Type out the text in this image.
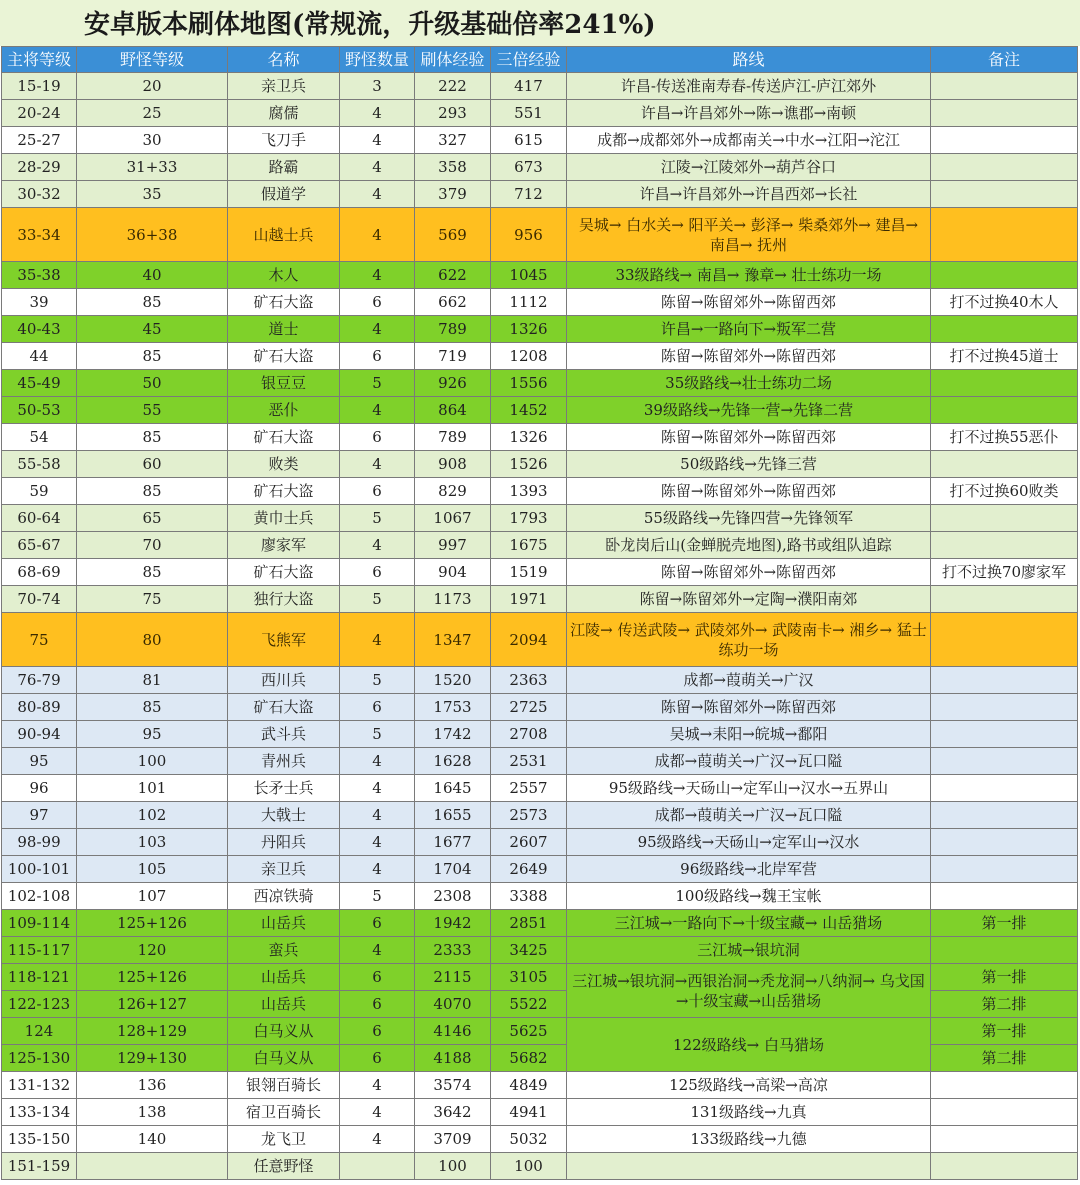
安卓版本刷体地图(常规流，升级基础倍率241%)
主将等级	野怪等级	名称	野怪数量	刷体经验	三倍经验	路线	备注
15-19	20	亲卫兵	3	222	417	许昌-传送准南寿春-传送庐江-庐江郊外	

20-24	25	腐儒	4	293	551	许昌→许昌郊外→陈→谯郡→南顿	

25-27	30	飞刀手	4	327	615	成都→成都郊外→成都南关→中水→江阳→沱江	

28-29	31+33	路霸	4	358	673	江陵→江陵郊外→葫芦谷口	

30-32	35	假道学	4	379	712	许昌→许昌郊外→许昌西郊→长社	

33-34	36+38	山越士兵	4	569	956	吴城→ 白水关→ 阳平关→ 彭泽→ 柴桑郊外→ 建昌→ 南昌→ 抚州	

35-38	40	木人	4	622	1045	33级路线→ 南昌→ 豫章→ 壮士练功一场	

39	85	矿石大盗	6	662	1112	陈留→陈留郊外→陈留西郊	打不过换40木人
40-43	45	道士	4	789	1326	许昌→一路向下→叛军二营	

44	85	矿石大盗	6	719	1208	陈留→陈留郊外→陈留西郊	打不过换45道士
45-49	50	银豆豆	5	926	1556	35级路线→壮士练功二场	

50-53	55	恶仆	4	864	1452	39级路线→先锋一营→先锋二营	

54	85	矿石大盗	6	789	1326	陈留→陈留郊外→陈留西郊	打不过换55恶仆
55-58	60	败类	4	908	1526	50级路线→先锋三营	

59	85	矿石大盗	6	829	1393	陈留→陈留郊外→陈留西郊	打不过换60败类
60-64	65	黄巾士兵	5	1067	1793	55级路线→先锋四营→先锋领军	

65-67	70	廖家军	4	997	1675	卧龙岗后山(金蝉脱壳地图),路书或组队追踪	

68-69	85	矿石大盗	6	904	1519	陈留→陈留郊外→陈留西郊	打不过换70廖家军
70-74	75	独行大盗	5	1173	1971	陈留→陈留郊外→定陶→濮阳南郊	

75	80	飞熊军	4	1347	2094	江陵→ 传送武陵→ 武陵郊外→ 武陵南卡→ 湘乡→ 猛士练功一场	

76-79	81	西川兵	5	1520	2363	成都→葭萌关→广汉	

80-89	85	矿石大盗	6	1753	2725	陈留→陈留郊外→陈留西郊	

90-94	95	武斗兵	5	1742	2708	吴城→耒阳→皖城→鄱阳	

95	100	青州兵	4	1628	2531	成都→葭萌关→广汉→瓦口隘	

96	101	长矛士兵	4	1645	2557	95级路线→天砀山→定军山→汉水→五界山	

97	102	大戟士	4	1655	2573	成都→葭萌关→广汉→瓦口隘	

98-99	103	丹阳兵	4	1677	2607	95级路线→天砀山→定军山→汉水	

100-101	105	亲卫兵	4	1704	2649	96级路线→北岸军营	

102-108	107	西凉铁骑	5	2308	3388	100级路线→魏王宝帐	

109-114	125+126	山岳兵	6	1942	2851	三江城→一路向下→十级宝藏→ 山岳猎场	第一排
115-117	120	蛮兵	4	2333	3425	三江城→银坑洞	

118-121	125+126	山岳兵	6	2115	3105	三江城→银坑洞→西银治洞→秃龙洞→八纳洞→ 乌戈国→十级宝藏→山岳猎场	第一排
122-123	126+127	山岳兵	6	4070	5522		第二排
124	128+129	白马义从	6	4146	5625	122级路线→ 白马猎场	第一排
125-130	129+130	白马义从	6	4188	5682		第二排
131-132	136	银翎百骑长	4	3574	4849	125级路线→高梁→高凉	

133-134	138	宿卫百骑长	4	3642	4941	131级路线→九真	

135-150	140	龙飞卫	4	3709	5032	133级路线→九德	

151-159		任意野怪		100	100	
